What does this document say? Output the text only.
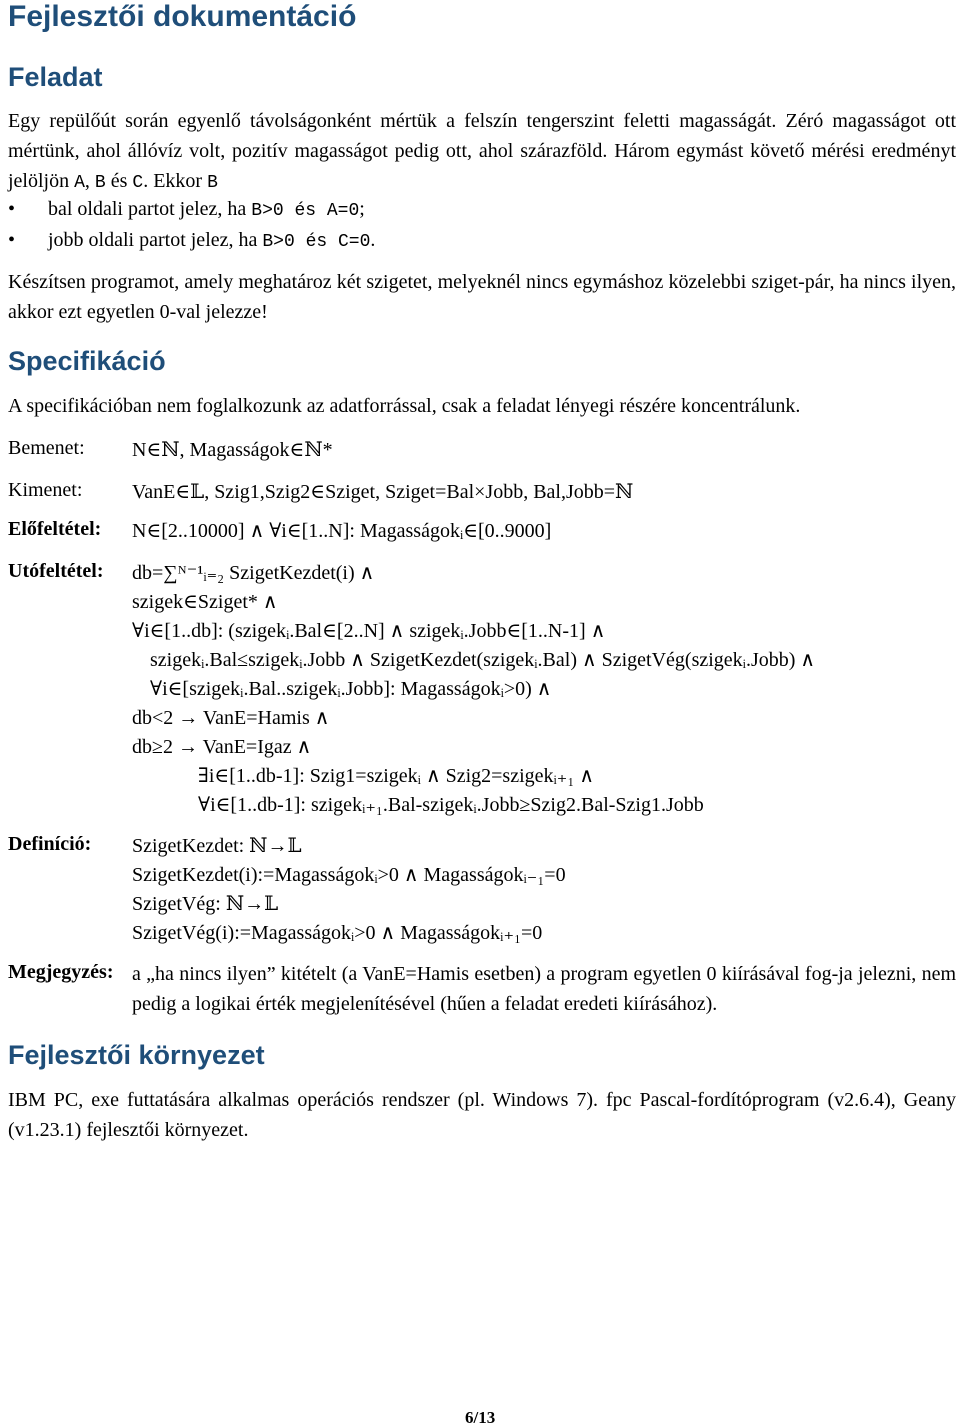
Fejlesztői dokumentáció
Feladat
Egy repülőút során egyenlő távolságonként mértük a felszín tengerszint feletti magasságát. Zéró magasságot ott mértünk, ahol állóvíz volt, pozitív magasságot pedig ott, ahol szárazföld. Három egymást követő mérési eredményt jelöljön A, B és C. Ekkor B
• bal oldali partot jelez, ha B>0 és A=0;
• jobb oldali partot jelez, ha B>0 és C=0.
Készítsen programot, amely meghatároz két szigetet, melyeknél nincs egymáshoz közelebbi sziget-pár, ha nincs ilyen, akkor ezt egyetlen 0-val jelezze!
Specifikáció
A specifikációban nem foglalkozunk az adatforrással, csak a feladat lényegi részére koncentrálunk.
Bemenet: N∈ℕ, Magasságok∈ℕ*
Kimenet: VanE∈𝕃, Szig1,Szig2∈Sziget, Sziget=Bal×Jobb, Bal,Jobb=ℕ
Előfeltétel: N∈[2..10000] ∧ ∀i∈[1..N]: Magasságokᵢ∈[0..9000]
Utófeltétel: db=∑ᴺ⁻¹ᵢ₌₂ SzigetKezdet(i) ∧
szigek∈Sziget* ∧
∀i∈[1..db]: (szigekᵢ.Bal∈[2..N] ∧ szigekᵢ.Jobb∈[1..N-1] ∧
szigekᵢ.Bal≤szigekᵢ.Jobb ∧ SzigetKezdet(szigekᵢ.Bal) ∧ SzigetVég(szigekᵢ.Jobb) ∧
∀i∈[szigekᵢ.Bal..szigekᵢ.Jobb]: Magasságokᵢ>0) ∧
db<2 → VanE=Hamis ∧
db≥2 → VanE=Igaz ∧
∃i∈[1..db-1]: Szig1=szigekᵢ ∧ Szig2=szigekᵢ₊₁ ∧
∀i∈[1..db-1]: szigekᵢ₊₁.Bal-szigekᵢ.Jobb≥Szig2.Bal-Szig1.Jobb
Definíció: SzigetKezdet: ℕ→𝕃
SzigetKezdet(i):=Magasságokᵢ>0 ∧ Magasságokᵢ₋₁=0
SzigetVég: ℕ→𝕃
SzigetVég(i):=Magasságokᵢ>0 ∧ Magasságokᵢ₊₁=0
Megjegyzés: a „ha nincs ilyen” kitételt (a VanE=Hamis esetben) a program egyetlen 0 kiírásával fog-ja jelezni, nem pedig a logikai érték megjelenítésével (hűen a feladat eredeti kiírásához).
Fejlesztői környezet
IBM PC, exe futtatására alkalmas operációs rendszer (pl. Windows 7). fpc Pascal-fordítóprogram (v2.6.4), Geany (v1.23.1) fejlesztői környezet.
6/13
